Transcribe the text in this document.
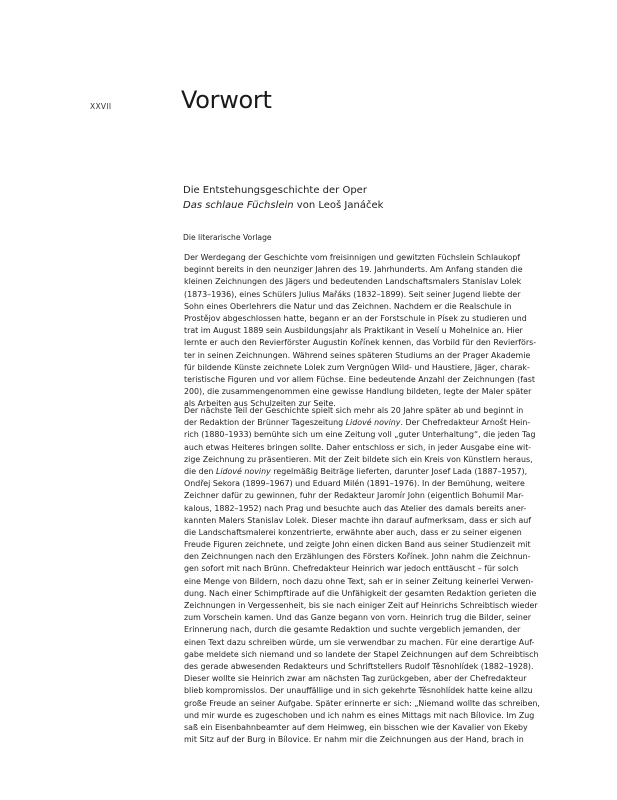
XXVII	Vorwort
Die Entstehungsgeschichte der Oper
Das schlaue Füchslein von Leoš Janáček
Die literarische Vorlage
Der Werdegang der Geschichte vom freisinnigen und gewitzten Füchslein Schlaukopf
beginnt bereits in den neunziger Jahren des 19. Jahrhunderts. Am Anfang standen die
kleinen Zeichnungen des Jägers und bedeutenden Landschaftsmalers Stanislav Lolek
(1873–1936), eines Schülers Julius Mařáks (1832–1899). Seit seiner Jugend liebte der
Sohn eines Oberlehrers die Natur und das Zeichnen. Nachdem er die Realschule in
Prostějov abgeschlossen hatte, begann er an der Forstschule in Písek zu studieren und
trat im August 1889 sein Ausbildungsjahr als Praktikant in Veselí u Mohelnice an. Hier
lernte er auch den Revierförster Augustin Kořínek kennen, das Vorbild für den Revierförs-
ter in seinen Zeichnungen. Während seines späteren Studiums an der Prager Akademie
für bildende Künste zeichnete Lolek zum Vergnügen Wild- und Haustiere, Jäger, charak-
teristische Figuren und vor allem Füchse. Eine bedeutende Anzahl der Zeichnungen (fast
200), die zusammengenommen eine gewisse Handlung bildeten, legte der Maler später
als Arbeiten aus Schulzeiten zur Seite.
Der nächste Teil der Geschichte spielt sich mehr als 20 Jahre später ab und beginnt in
der Redaktion der Brünner Tageszeitung Lidové noviny. Der Chefredakteur Arnošt Hein-
rich (1880–1933) bemühte sich um eine Zeitung voll „guter Unterhaltung“, die jeden Tag
auch etwas Heiteres bringen sollte. Daher entschloss er sich, in jeder Ausgabe eine wit-
zige Zeichnung zu präsentieren. Mit der Zeit bildete sich ein Kreis von Künstlern heraus,
die den Lidové noviny regelmäßig Beiträge lieferten, darunter Josef Lada (1887–1957),
Ondřej Sekora (1899–1967) und Eduard Milén (1891–1976). In der Bemühung, weitere
Zeichner dafür zu gewinnen, fuhr der Redakteur Jaromír John (eigentlich Bohumil Mar-
kalous, 1882–1952) nach Prag und besuchte auch das Atelier des damals bereits aner-
kannten Malers Stanislav Lolek. Dieser machte ihn darauf aufmerksam, dass er sich auf
die Landschaftsmalerei konzentrierte, erwähnte aber auch, dass er zu seiner eigenen
Freude Figuren zeichnete, und zeigte John einen dicken Band aus seiner Studienzeit mit
den Zeichnungen nach den Erzählungen des Försters Kořínek. John nahm die Zeichnun-
gen sofort mit nach Brünn. Chefredakteur Heinrich war jedoch enttäuscht – für solch
eine Menge von Bildern, noch dazu ohne Text, sah er in seiner Zeitung keinerlei Verwen-
dung. Nach einer Schimpftirade auf die Unfähigkeit der gesamten Redaktion gerieten die
Zeichnungen in Vergessenheit, bis sie nach einiger Zeit auf Heinrichs Schreibtisch wieder
zum Vorschein kamen. Und das Ganze begann von vorn. Heinrich trug die Bilder, seiner
Erinnerung nach, durch die gesamte Redaktion und suchte vergeblich jemanden, der
einen Text dazu schreiben würde, um sie verwendbar zu machen. Für eine derartige Auf-
gabe meldete sich niemand und so landete der Stapel Zeichnungen auf dem Schreibtisch
des gerade abwesenden Redakteurs und Schriftstellers Rudolf Těsnohlídek (1882–1928).
Dieser wollte sie Heinrich zwar am nächsten Tag zurückgeben, aber der Chefredakteur
blieb kompromisslos. Der unauffällige und in sich gekehrte Těsnohlídek hatte keine allzu
große Freude an seiner Aufgabe. Später erinnerte er sich: „Niemand wollte das schreiben,
und mir wurde es zugeschoben und ich nahm es eines Mittags mit nach Bílovice. Im Zug
saß ein Eisenbahnbeamter auf dem Heimweg, ein bisschen wie der Kavalier von Ekeby
mit Sitz auf der Burg in Bílovice. Er nahm mir die Zeichnungen aus der Hand, brach in
